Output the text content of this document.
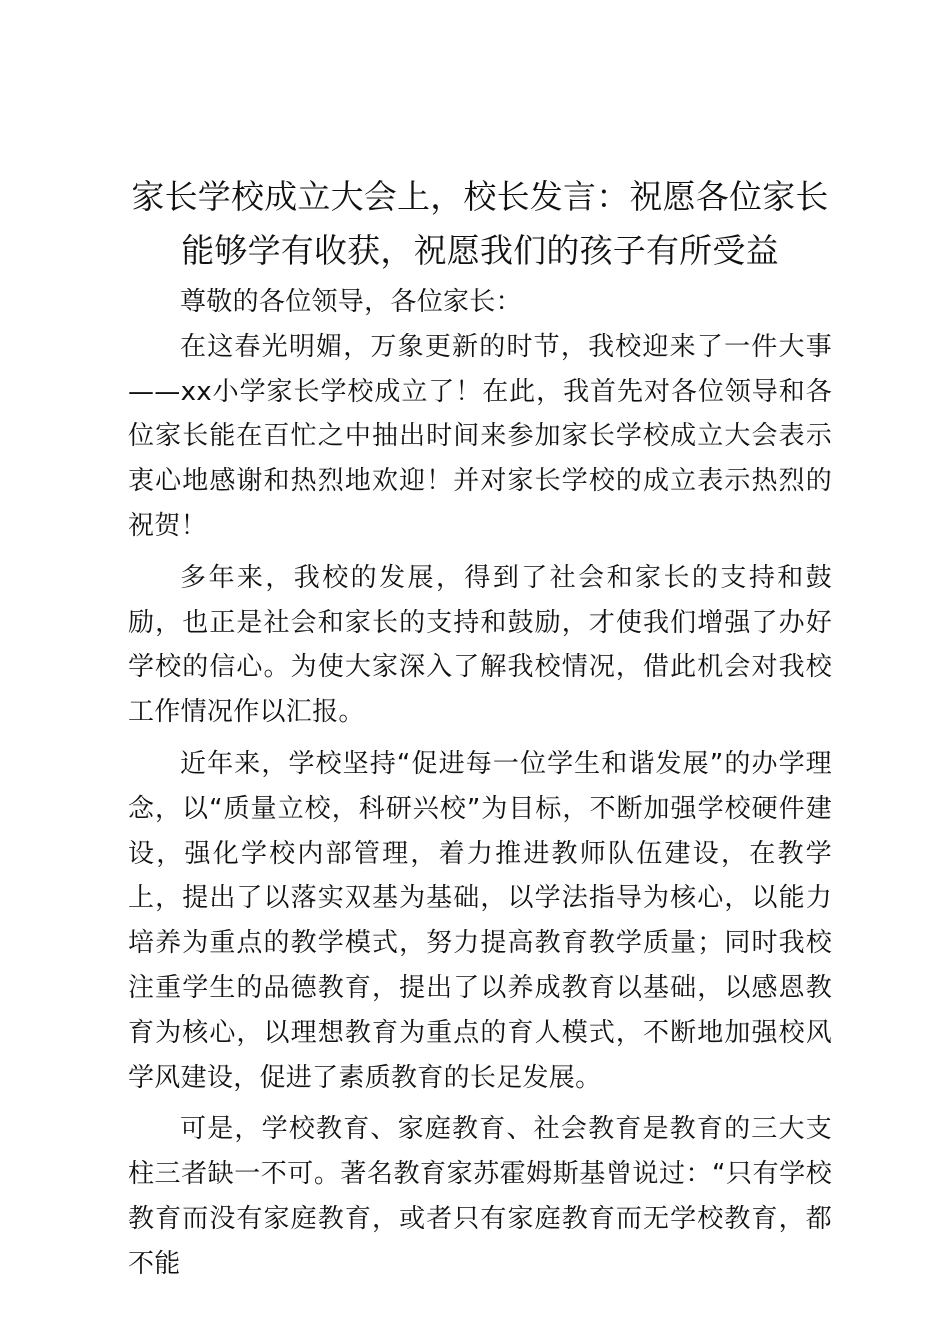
家长学校成立大会上，校长发言：祝愿各位家长能够学有收获，祝愿我们的孩子有所受益

尊敬的各位领导，各位家长：

在这春光明媚，万象更新的时节，我校迎来了一件大事——xx小学家长学校成立了！在此，我首先对各位领导和各位家长能在百忙之中抽出时间来参加家长学校成立大会表示衷心地感谢和热烈地欢迎！并对家长学校的成立表示热烈的祝贺！

多年来，我校的发展，得到了社会和家长的支持和鼓励，也正是社会和家长的支持和鼓励，才使我们增强了办好学校的信心。为使大家深入了解我校情况，借此机会对我校工作情况作以汇报。

近年来，学校坚持“促进每一位学生和谐发展”的办学理念，以“质量立校，科研兴校”为目标，不断加强学校硬件建设，强化学校内部管理，着力推进教师队伍建设，在教学上，提出了以落实双基为基础，以学法指导为核心，以能力培养为重点的教学模式，努力提高教育教学质量；同时我校注重学生的品德教育，提出了以养成教育以基础，以感恩教育为核心，以理想教育为重点的育人模式，不断地加强校风学风建设，促进了素质教育的长足发展。

可是，学校教育、家庭教育、社会教育是教育的三大支柱三者缺一不可。著名教育家苏霍姆斯基曾说过：“只有学校教育而没有家庭教育，或者只有家庭教育而无学校教育，都不能
